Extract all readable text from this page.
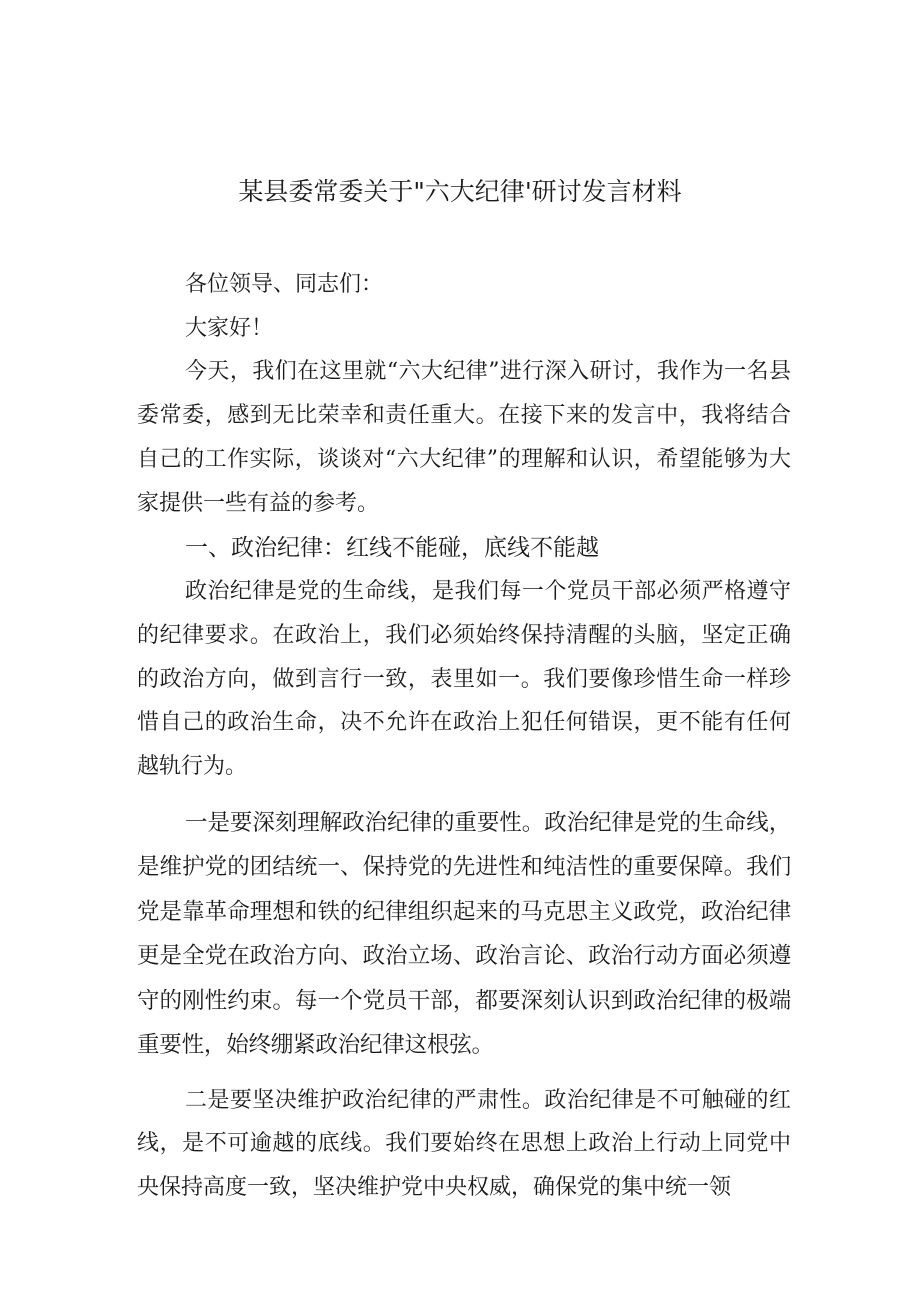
某县委常委关于"六大纪律'研讨发言材料

各位领导、同志们：

大家好！

今天，我们在这里就“六大纪律”进行深入研讨，我作为一名县委常委，感到无比荣幸和责任重大。在接下来的发言中，我将结合自己的工作实际，谈谈对“六大纪律”的理解和认识，希望能够为大家提供一些有益的参考。

一、政治纪律：红线不能碰，底线不能越

政治纪律是党的生命线，是我们每一个党员干部必须严格遵守的纪律要求。在政治上，我们必须始终保持清醒的头脑，坚定正确的政治方向，做到言行一致，表里如一。我们要像珍惜生命一样珍惜自己的政治生命，决不允许在政治上犯任何错误，更不能有任何越轨行为。

一是要深刻理解政治纪律的重要性。政治纪律是党的生命线，是维护党的团结统一、保持党的先进性和纯洁性的重要保障。我们党是靠革命理想和铁的纪律组织起来的马克思主义政党，政治纪律更是全党在政治方向、政治立场、政治言论、政治行动方面必须遵守的刚性约束。每一个党员干部，都要深刻认识到政治纪律的极端重要性，始终绷紧政治纪律这根弦。

二是要坚决维护政治纪律的严肃性。政治纪律是不可触碰的红线，是不可逾越的底线。我们要始终在思想上政治上行动上同党中央保持高度一致，坚决维护党中央权威，确保党的集中统一领
